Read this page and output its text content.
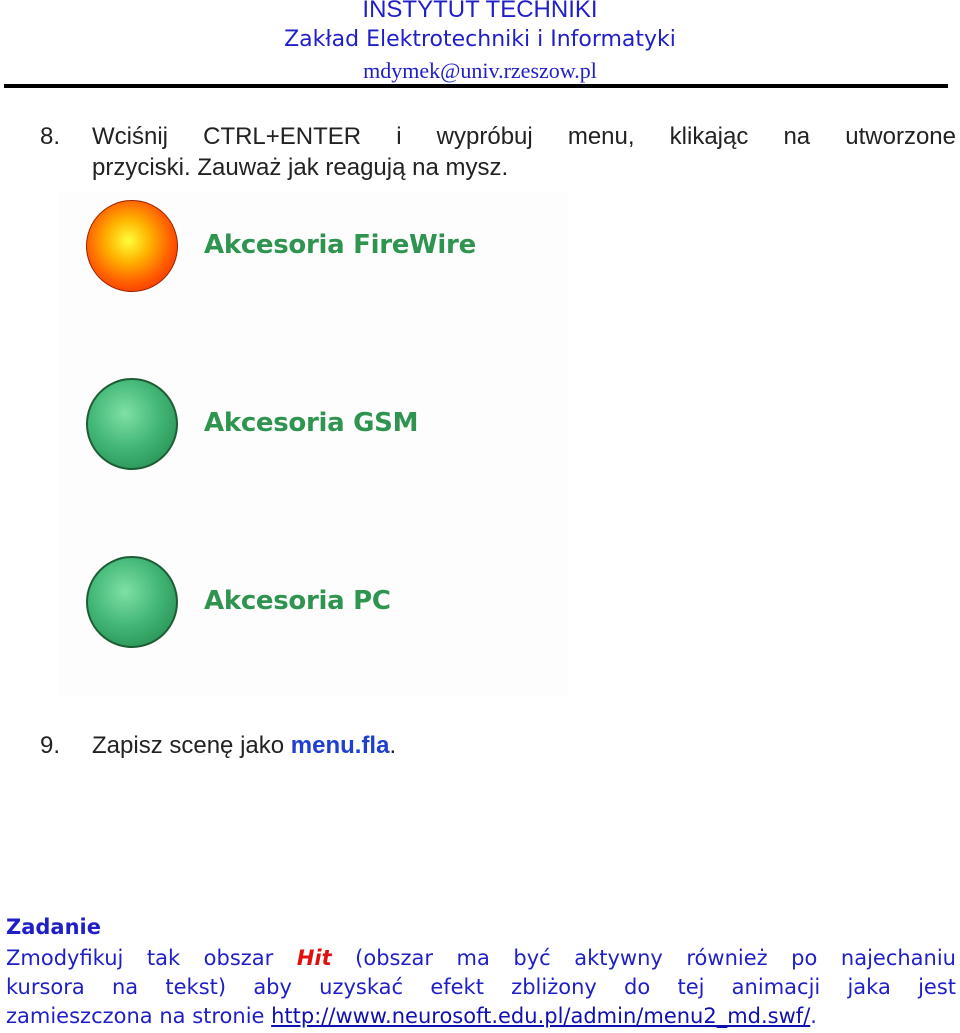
INSTYTUT TECHNIKI
Zakład Elektrotechniki i Informatyki
mdymek@univ.rzeszow.pl
8. Wciśnij CTRL+ENTER i wypróbuj menu, klikając na utworzone
przyciski. Zauważ jak reagują na mysz.
Akcesoria FireWire
Akcesoria GSM
Akcesoria PC
9. Zapisz scenę jako menu.fla.
Zadanie
Zmodyfikuj tak obszar Hit (obszar ma być aktywny również po najechaniu
kursora na tekst) aby uzyskać efekt zbliżony do tej animacji jaka jest
zamieszczona na stronie http://www.neurosoft.edu.pl/admin/menu2_md.swf/.
